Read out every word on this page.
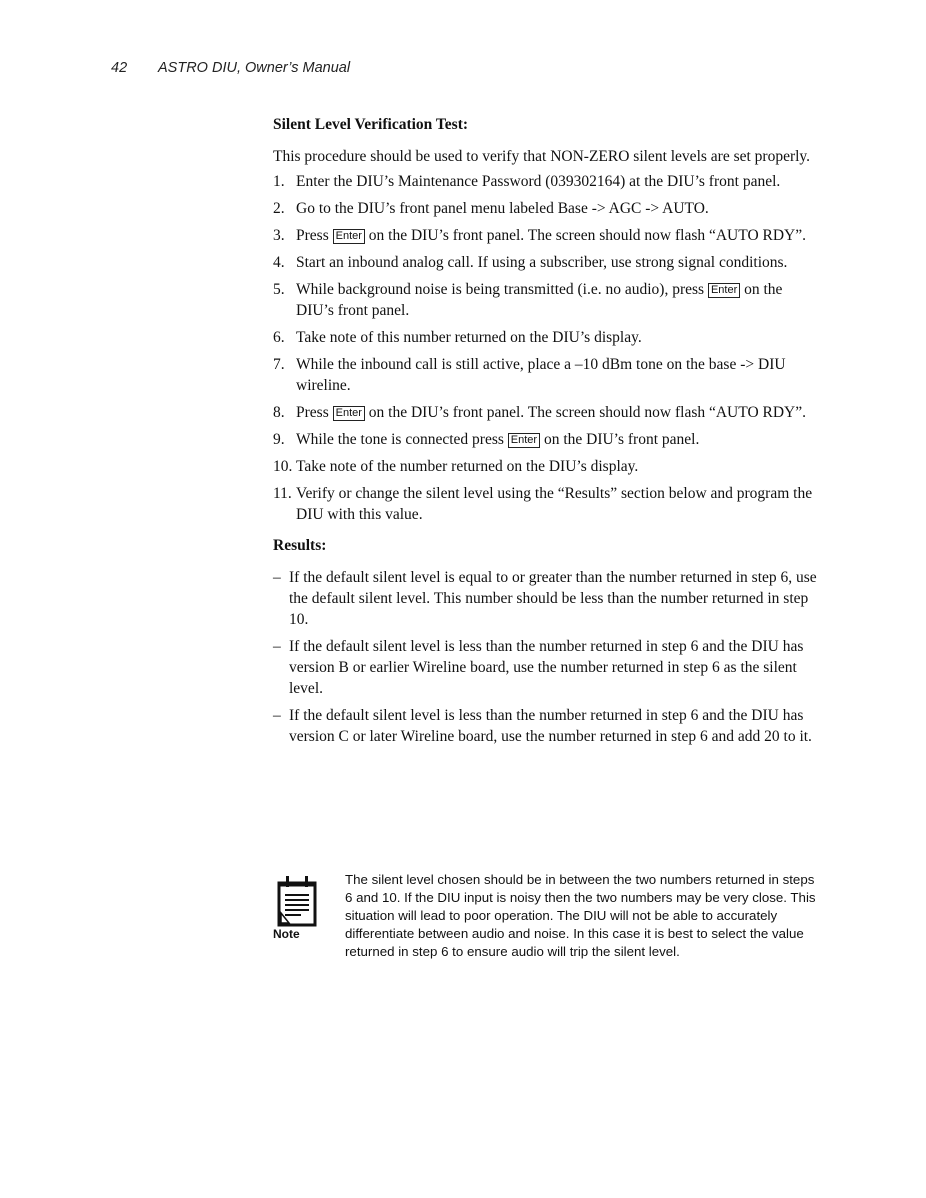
42 ASTRO DIU, Owner’s Manual
Silent Level Verification Test:
This procedure should be used to verify that NON-ZERO silent levels are set properly.
1. Enter the DIU’s Maintenance Password (039302164) at the DIU’s front panel.
2. Go to the DIU’s front panel menu labeled Base -> AGC -> AUTO.
3. Press Enter on the DIU’s front panel. The screen should now flash “AUTO RDY”.
4. Start an inbound analog call. If using a subscriber, use strong signal conditions.
5. While background noise is being transmitted (i.e. no audio), press Enter on the DIU’s front panel.
6. Take note of this number returned on the DIU’s display.
7. While the inbound call is still active, place a –10 dBm tone on the base -> DIU wireline.
8. Press Enter on the DIU’s front panel. The screen should now flash “AUTO RDY”.
9. While the tone is connected press Enter on the DIU’s front panel.
10. Take note of the number returned on the DIU’s display.
11. Verify or change the silent level using the “Results” section below and program the DIU with this value.
Results:
– If the default silent level is equal to or greater than the number returned in step 6, use the default silent level. This number should be less than the number returned in step 10.
– If the default silent level is less than the number returned in step 6 and the DIU has version B or earlier Wireline board, use the number returned in step 6 as the silent level.
– If the default silent level is less than the number returned in step 6 and the DIU has version C or later Wireline board, use the number returned in step 6 and add 20 to it.
Note
The silent level chosen should be in between the two numbers returned in steps 6 and 10. If the DIU input is noisy then the two numbers may be very close. This situation will lead to poor operation. The DIU will not be able to accurately differentiate between audio and noise. In this case it is best to select the value returned in step 6 to ensure audio will trip the silent level.
